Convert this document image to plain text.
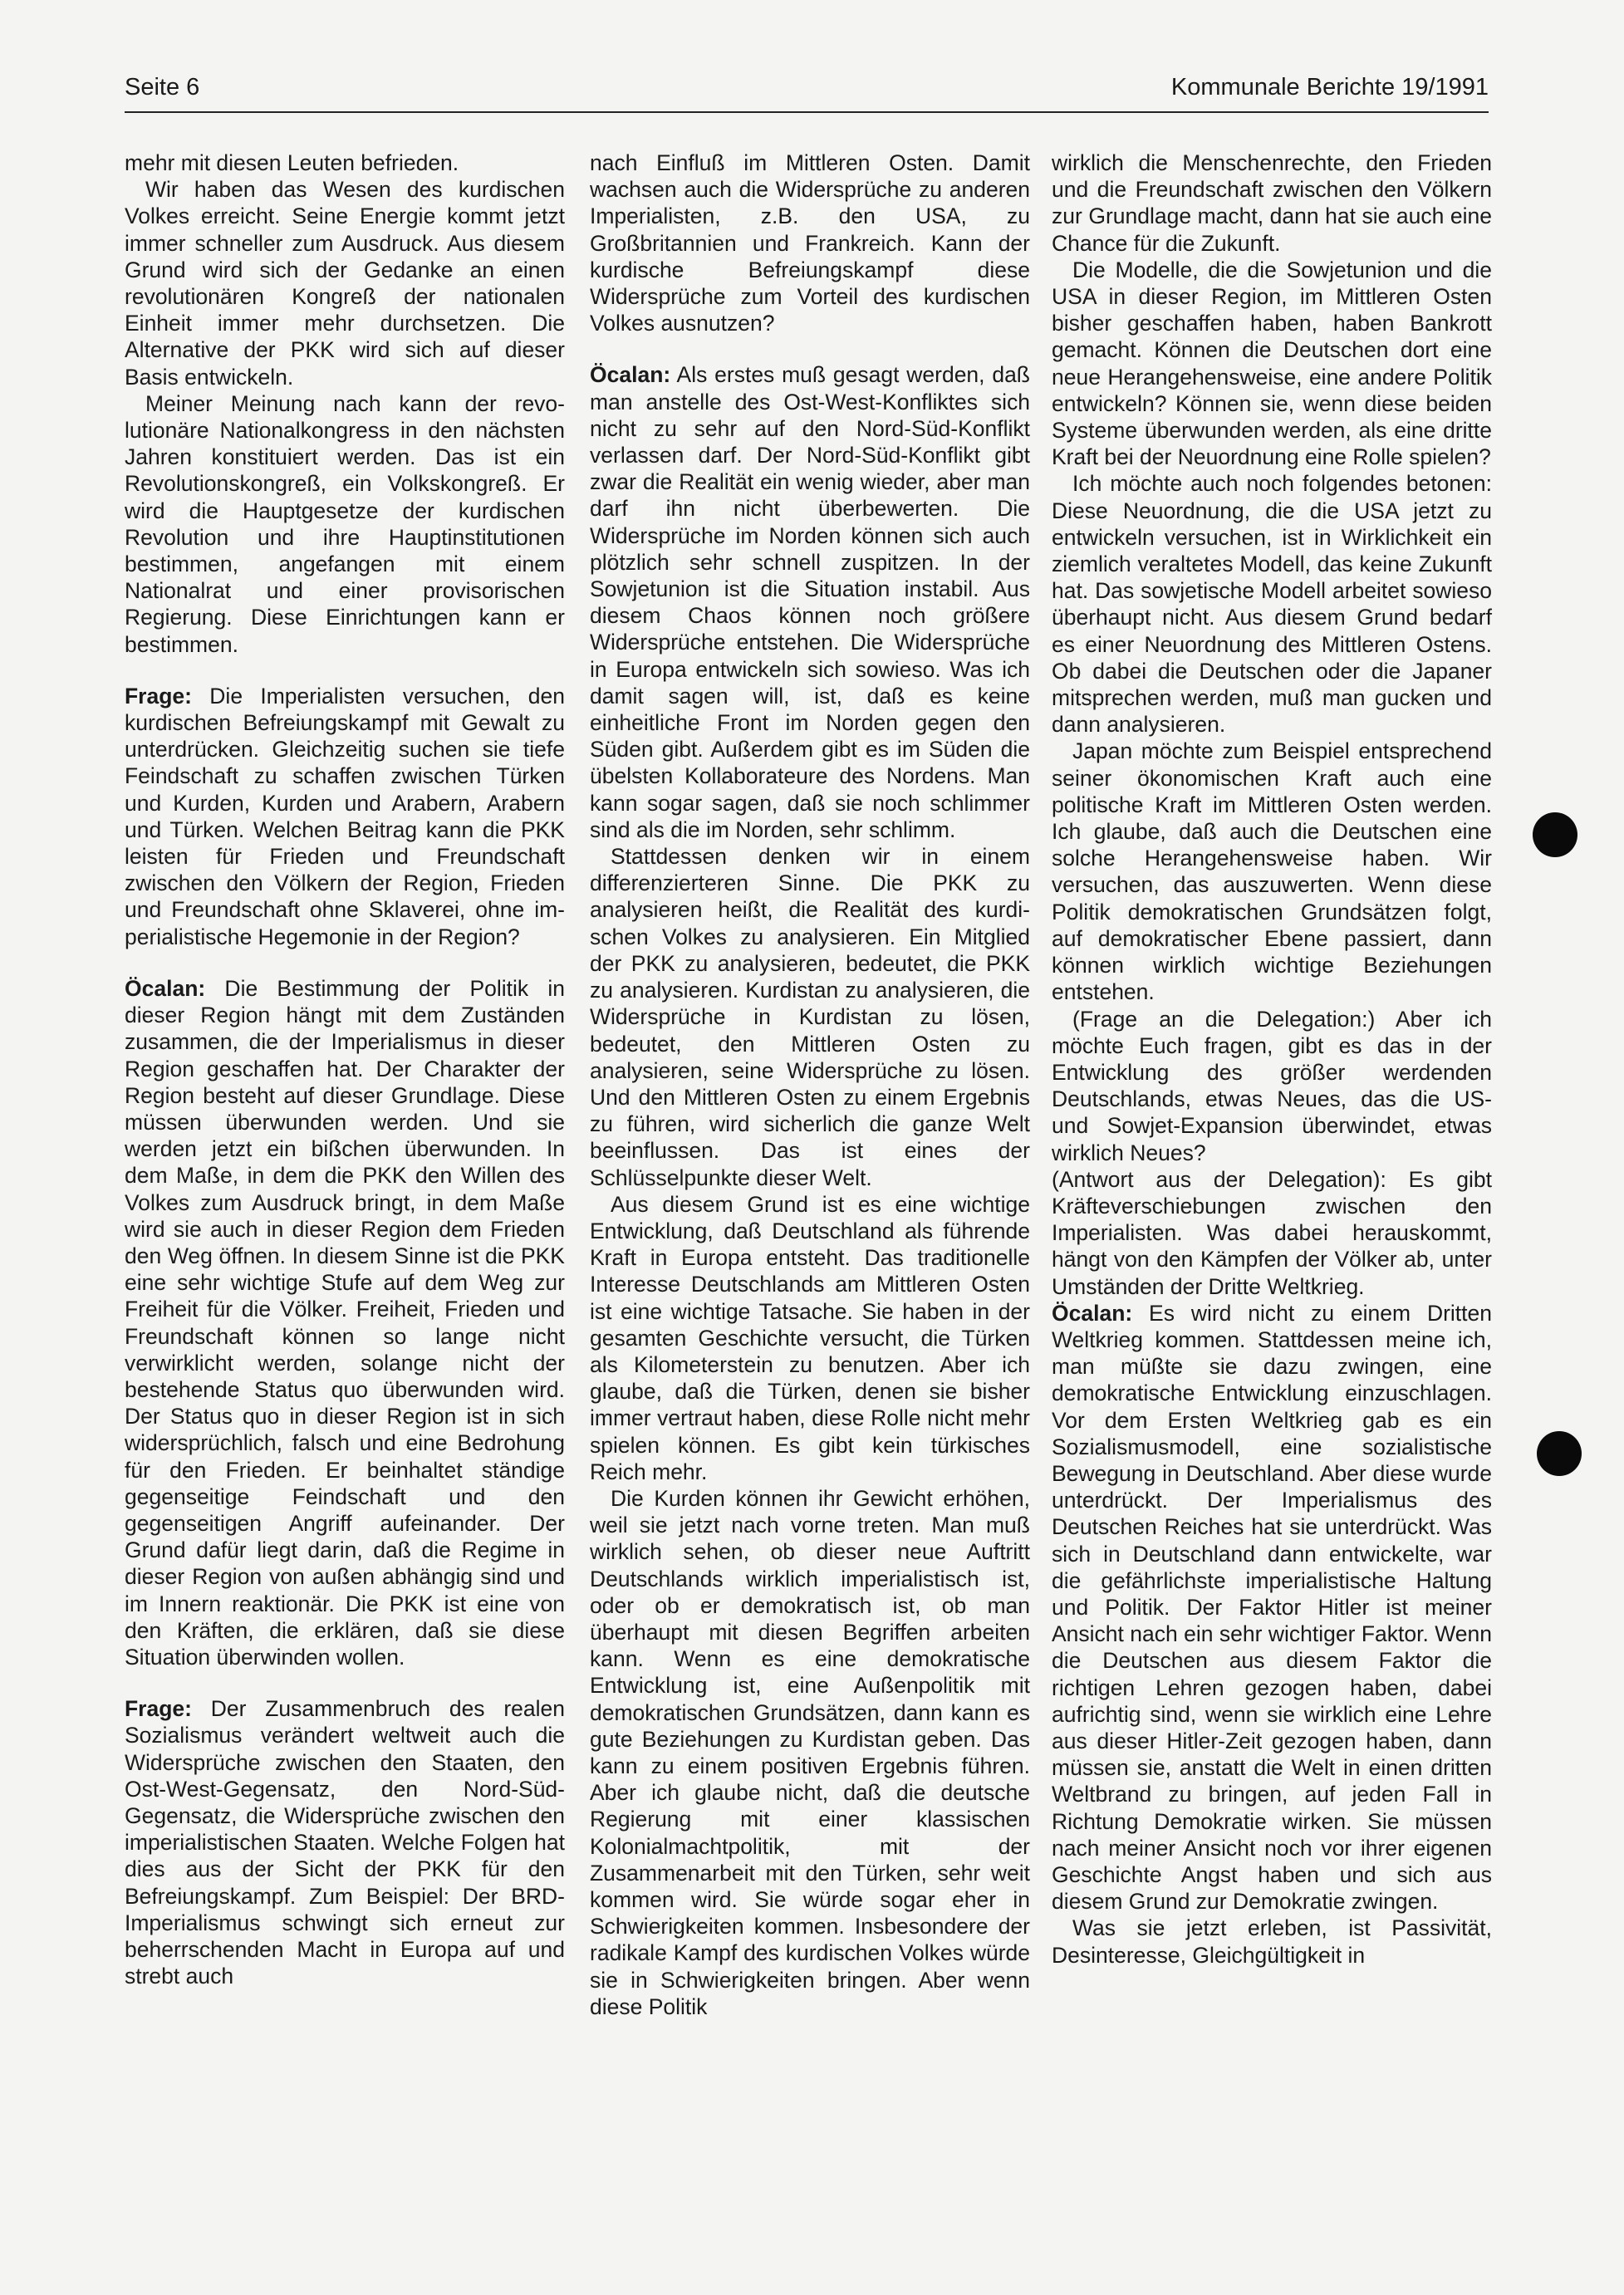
Seite 6	Kommunale Berichte 19/1991

mehr mit diesen Leuten befrieden.

Wir haben das Wesen des kurdischen Volkes erreicht. Seine Energie kommt jetzt immer schneller zum Ausdruck. Aus diesem Grund wird sich der Gedanke an einen revolutionären Kongreß der nationalen Einheit immer mehr durchsetzen. Die Alternative der PKK wird sich auf dieser Basis entwickeln.

Meiner Meinung nach kann der revolutionäre Nationalkongress in den nächsten Jahren konstituiert werden. Das ist ein Revolutionskongreß, ein Volkskongreß. Er wird die Hauptgesetze der kurdischen Revolution und ihre Hauptinstitutionen bestimmen, angefangen mit einem Nationalrat und einer provisorischen Regierung. Diese Einrichtungen kann er bestimmen.

Frage: Die Imperialisten versuchen, den kurdischen Befreiungskampf mit Gewalt zu unterdrücken. Gleichzeitig suchen sie tiefe Feindschaft zu schaffen zwischen Türken und Kurden, Kurden und Arabern, Arabern und Türken. Welchen Beitrag kann die PKK leisten für Frieden und Freundschaft zwischen den Völkern der Region, Frieden und Freundschaft ohne Sklaverei, ohne imperialistische Hegemonie in der Region?

Öcalan: Die Bestimmung der Politik in dieser Region hängt mit dem Zuständen zusammen, die der Imperialismus in dieser Region geschaffen hat. Der Charakter der Region besteht auf dieser Grundlage. Diese müssen überwunden werden. Und sie werden jetzt ein bißchen überwunden. In dem Maße, in dem die PKK den Willen des Volkes zum Ausdruck bringt, in dem Maße wird sie auch in dieser Region dem Frieden den Weg öffnen. In diesem Sinne ist die PKK eine sehr wichtige Stufe auf dem Weg zur Freiheit für die Völker. Freiheit, Frieden und Freundschaft können so lange nicht verwirklicht werden, solange nicht der bestehende Status quo überwunden wird. Der Status quo in dieser Region ist in sich widersprüchlich, falsch und eine Bedrohung für den Frieden. Er beinhaltet ständige gegenseitige Feindschaft und den gegenseitigen Angriff aufeinander. Der Grund dafür liegt darin, daß die Regime in dieser Region von außen abhängig sind und im Innern reaktionär. Die PKK ist eine von den Kräften, die erklären, daß sie diese Situation überwinden wollen.

Frage: Der Zusammenbruch des realen Sozialismus verändert weltweit auch die Widersprüche zwischen den Staaten, den Ost-West-Gegensatz, den Nord-Süd-Gegensatz, die Widersprüche zwischen den imperialistischen Staaten. Welche Folgen hat dies aus der Sicht der PKK für den Befreiungskampf. Zum Beispiel: Der BRD-Imperialismus schwingt sich erneut zur beherrschenden Macht in Europa auf und strebt auch

nach Einfluß im Mittleren Osten. Damit wachsen auch die Widersprüche zu anderen Imperialisten, z.B. den USA, zu Großbritannien und Frankreich. Kann der kurdische Befreiungskampf diese Widersprüche zum Vorteil des kurdischen Volkes ausnutzen?

Öcalan: Als erstes muß gesagt werden, daß man anstelle des Ost-West-Konfliktes sich nicht zu sehr auf den Nord-Süd-Konflikt verlassen darf. Der Nord-Süd-Konflikt gibt zwar die Realität ein wenig wieder, aber man darf ihn nicht überbewerten. Die Widersprüche im Norden können sich auch plötzlich sehr schnell zuspitzen. In der Sowjetunion ist die Situation instabil. Aus diesem Chaos können noch größere Widersprüche entstehen. Die Widersprüche in Europa entwickeln sich sowieso. Was ich damit sagen will, ist, daß es keine einheitliche Front im Norden gegen den Süden gibt. Außerdem gibt es im Süden die übelsten Kollaborateure des Nordens. Man kann sogar sagen, daß sie noch schlimmer sind als die im Norden, sehr schlimm.

Stattdessen denken wir in einem differenzierteren Sinne. Die PKK zu analysieren heißt, die Realität des kurdischen Volkes zu analysieren. Ein Mitglied der PKK zu analysieren, bedeutet, die PKK zu analysieren. Kurdistan zu analysieren, die Widersprüche in Kurdistan zu lösen, bedeutet, den Mittleren Osten zu analysieren, seine Widersprüche zu lösen. Und den Mittleren Osten zu einem Ergebnis zu führen, wird sicherlich die ganze Welt beeinflussen. Das ist eines der Schlüsselpunkte dieser Welt.

Aus diesem Grund ist es eine wichtige Entwicklung, daß Deutschland als führende Kraft in Europa entsteht. Das traditionelle Interesse Deutschlands am Mittleren Osten ist eine wichtige Tatsache. Sie haben in der gesamten Geschichte versucht, die Türken als Kilometerstein zu benutzen. Aber ich glaube, daß die Türken, denen sie bisher immer vertraut haben, diese Rolle nicht mehr spielen können. Es gibt kein türkisches Reich mehr.

Die Kurden können ihr Gewicht erhöhen, weil sie jetzt nach vorne treten. Man muß wirklich sehen, ob dieser neue Auftritt Deutschlands wirklich imperialistisch ist, oder ob er demokratisch ist, ob man überhaupt mit diesen Begriffen arbeiten kann. Wenn es eine demokratische Entwicklung ist, eine Außenpolitik mit demokratischen Grundsätzen, dann kann es gute Beziehungen zu Kurdistan geben. Das kann zu einem positiven Ergebnis führen. Aber ich glaube nicht, daß die deutsche Regierung mit einer klassischen Kolonialmachtpolitik, mit der Zusammenarbeit mit den Türken, sehr weit kommen wird. Sie würde sogar eher in Schwierigkeiten kommen. Insbesondere der radikale Kampf des kurdischen Volkes würde sie in Schwierigkeiten bringen. Aber wenn diese Politik

wirklich die Menschenrechte, den Frieden und die Freundschaft zwischen den Völkern zur Grundlage macht, dann hat sie auch eine Chance für die Zukunft.

Die Modelle, die die Sowjetunion und die USA in dieser Region, im Mittleren Osten bisher geschaffen haben, haben Bankrott gemacht. Können die Deutschen dort eine neue Herangehensweise, eine andere Politik entwickeln? Können sie, wenn diese beiden Systeme überwunden werden, als eine dritte Kraft bei der Neuordnung eine Rolle spielen?

Ich möchte auch noch folgendes betonen: Diese Neuordnung, die die USA jetzt zu entwickeln versuchen, ist in Wirklichkeit ein ziemlich veraltetes Modell, das keine Zukunft hat. Das sowjetische Modell arbeitet sowieso überhaupt nicht. Aus diesem Grund bedarf es einer Neuordnung des Mittleren Ostens. Ob dabei die Deutschen oder die Japaner mitsprechen werden, muß man gucken und dann analysieren.

Japan möchte zum Beispiel entsprechend seiner ökonomischen Kraft auch eine politische Kraft im Mittleren Osten werden. Ich glaube, daß auch die Deutschen eine solche Herangehensweise haben. Wir versuchen, das auszuwerten. Wenn diese Politik demokratischen Grundsätzen folgt, auf demokratischer Ebene passiert, dann können wirklich wichtige Beziehungen entstehen.

(Frage an die Delegation:) Aber ich möchte Euch fragen, gibt es das in der Entwicklung des größer werdenden Deutschlands, etwas Neues, das die US- und Sowjet-Expansion überwindet, etwas wirklich Neues?

(Antwort aus der Delegation): Es gibt Kräfteverschiebungen zwischen den Imperialisten. Was dabei herauskommt, hängt von den Kämpfen der Völker ab, unter Umständen der Dritte Weltkrieg.

Öcalan: Es wird nicht zu einem Dritten Weltkrieg kommen. Stattdessen meine ich, man müßte sie dazu zwingen, eine demokratische Entwicklung einzuschlagen. Vor dem Ersten Weltkrieg gab es ein Sozialismusmodell, eine sozialistische Bewegung in Deutschland. Aber diese wurde unterdrückt. Der Imperialismus des Deutschen Reiches hat sie unterdrückt. Was sich in Deutschland dann entwickelte, war die gefährlichste imperialistische Haltung und Politik. Der Faktor Hitler ist meiner Ansicht nach ein sehr wichtiger Faktor. Wenn die Deutschen aus diesem Faktor die richtigen Lehren gezogen haben, dabei aufrichtig sind, wenn sie wirklich eine Lehre aus dieser Hitler-Zeit gezogen haben, dann müssen sie, anstatt die Welt in einen dritten Weltbrand zu bringen, auf jeden Fall in Richtung Demokratie wirken. Sie müssen nach meiner Ansicht noch vor ihrer eigenen Geschichte Angst haben und sich aus diesem Grund zur Demokratie zwingen.

Was sie jetzt erleben, ist Passivität, Desinteresse, Gleichgültigkeit in
